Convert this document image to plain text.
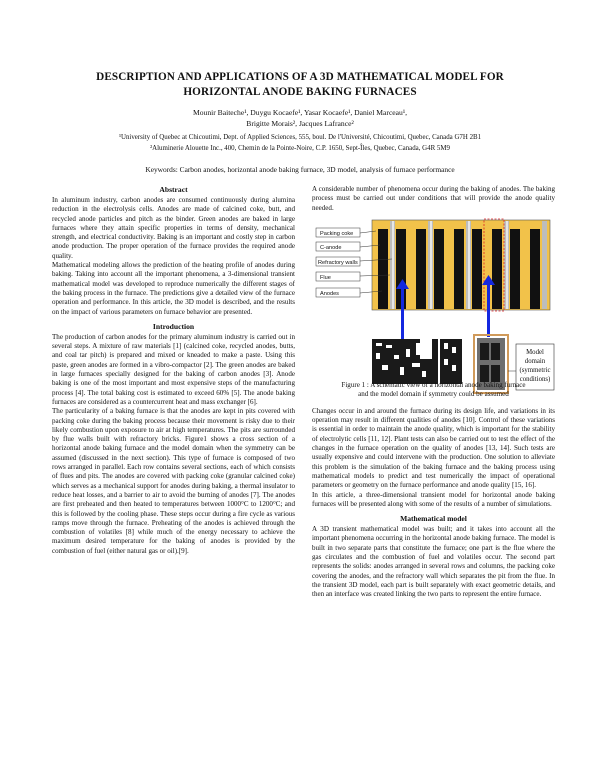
DESCRIPTION AND APPLICATIONS OF A 3D MATHEMATICAL MODEL FOR
HORIZONTAL ANODE BAKING FURNACES
Mounir Baiteche¹, Duygu Kocaefe¹, Yasar Kocaefe¹, Daniel Marceau¹,
Brigitte Morais², Jacques Lafrance²
¹University of Quebec at Chicoutimi, Dept. of Applied Sciences, 555, boul. De l'Université, Chicoutimi, Quebec, Canada G7H 2B1
²Aluminerie Alouette Inc., 400, Chemin de la Pointe-Noire, C.P. 1650, Sept-Îles, Quebec, Canada, G4R 5M9
Keywords: Carbon anodes, horizontal anode baking furnace, 3D model, analysis of furnace performance
Abstract

In aluminum industry, carbon anodes are consumed continuously during alumina reduction in the electrolysis cells. Anodes are made of calcined coke, butt, and recycled anode particles and pitch as the binder. Green anodes are baked in large furnaces where they attain specific properties in terms of density, mechanical strength, and electrical conductivity. Baking is an important and costly step in carbon anode production. The proper operation of the furnace provides the required anode quality.

Mathematical modeling allows the prediction of the heating profile of anodes during baking. Taking into account all the important phenomena, a 3-dimensional transient mathematical model was developed to reproduce numerically the different stages of the baking process in the furnace. The predictions give a detailed view of the furnace operation and performance. In this article, the 3D model is described, and the results on the impact of various parameters on furnace behavior are presented.

Introduction

The production of carbon anodes for the primary aluminum industry is carried out in several steps. A mixture of raw materials [1] (calcined coke, recycled anodes, butts, and coal tar pitch) is prepared and mixed or kneaded to make a paste. Using this paste, green anodes are formed in a vibro-compactor [2]. The green anodes are baked in large furnaces specially designed for the baking of carbon anodes [3]. Anode baking is one of the most important and most expensive steps of the manufacturing process [4]. The total baking cost is estimated to exceed 60% [5]. The anode baking furnaces are considered as a countercurrent heat and mass exchanger [6].

The particularity of a baking furnace is that the anodes are kept in pits covered with packing coke during the baking process because their movement is risky due to their likely combustion upon exposure to air at high temperatures. The pits are surrounded by flue walls built with refractory bricks. Figure1 shows a cross section of a horizontal anode baking furnace and the model domain when the symmetry can be assumed (discussed in the next section). This type of furnace is composed of two rows arranged in parallel. Each row contains several sections, each of which consists of flues and pits. The anodes are covered with packing coke (granular calcined coke) which serves as a mechanical support for anodes during baking, a thermal insulator to reduce heat losses, and a barrier to air to avoid the burning of anodes [7]. The anodes are first preheated and then heated to temperatures between 1000°C to 1200°C; and this is followed by the cooling phase. These steps occur during a fire cycle as various ramps move through the furnace. Preheating of the anodes is achieved through the combustion of volatiles [8] while much of the energy necessary to achieve the maximum desired temperature for the baking of anodes is provided by the combustion of fuel (either natural gas or oil).[9].

A considerable number of phenomena occur during the baking of anodes. The baking process must be carried out under conditions that will provide the anode quality needed.

Packing coke
C-anode
Refractory walls
Flue
Anodes
Model
domain
(symmetric
conditions)
Figure 1 : A schematic view of a horizontal anode baking furnace
and the model domain if symmetry could be assumed

Changes occur in and around the furnace during its design life, and variations in its operation may result in different qualities of anodes [10]. Control of these variations is essential in order to maintain the anode quality, which is important for the stability of electrolytic cells [11, 12]. Plant tests can also be carried out to test the effect of the changes in the furnace operation on the quality of anodes [13, 14]. Such tests are usually expensive and could intervene with the production. One solution to alleviate this problem is the simulation of the baking furnace and the baking process using mathematical models to predict and test numerically the impact of operational parameters or geometry on the furnace performance and anode quality [15, 16].

In this article, a three-dimensional transient model for horizontal anode baking furnaces will be presented along with some of the results of a number of simulations.

Mathematical model

A 3D transient mathematical model was built; and it takes into account all the important phenomena occurring in the horizontal anode baking furnace. The model is built in two separate parts that constitute the furnace; one part is the flue where the gas circulates and the combustion of fuel and volatiles occur. The second part represents the solids: anodes arranged in several rows and columns, the packing coke covering the anodes, and the refractory wall which separates the pit from the flue. In the transient 3D model, each part is built separately with exact geometric details, and then an interface was created linking the two parts to represent the entire furnace.
